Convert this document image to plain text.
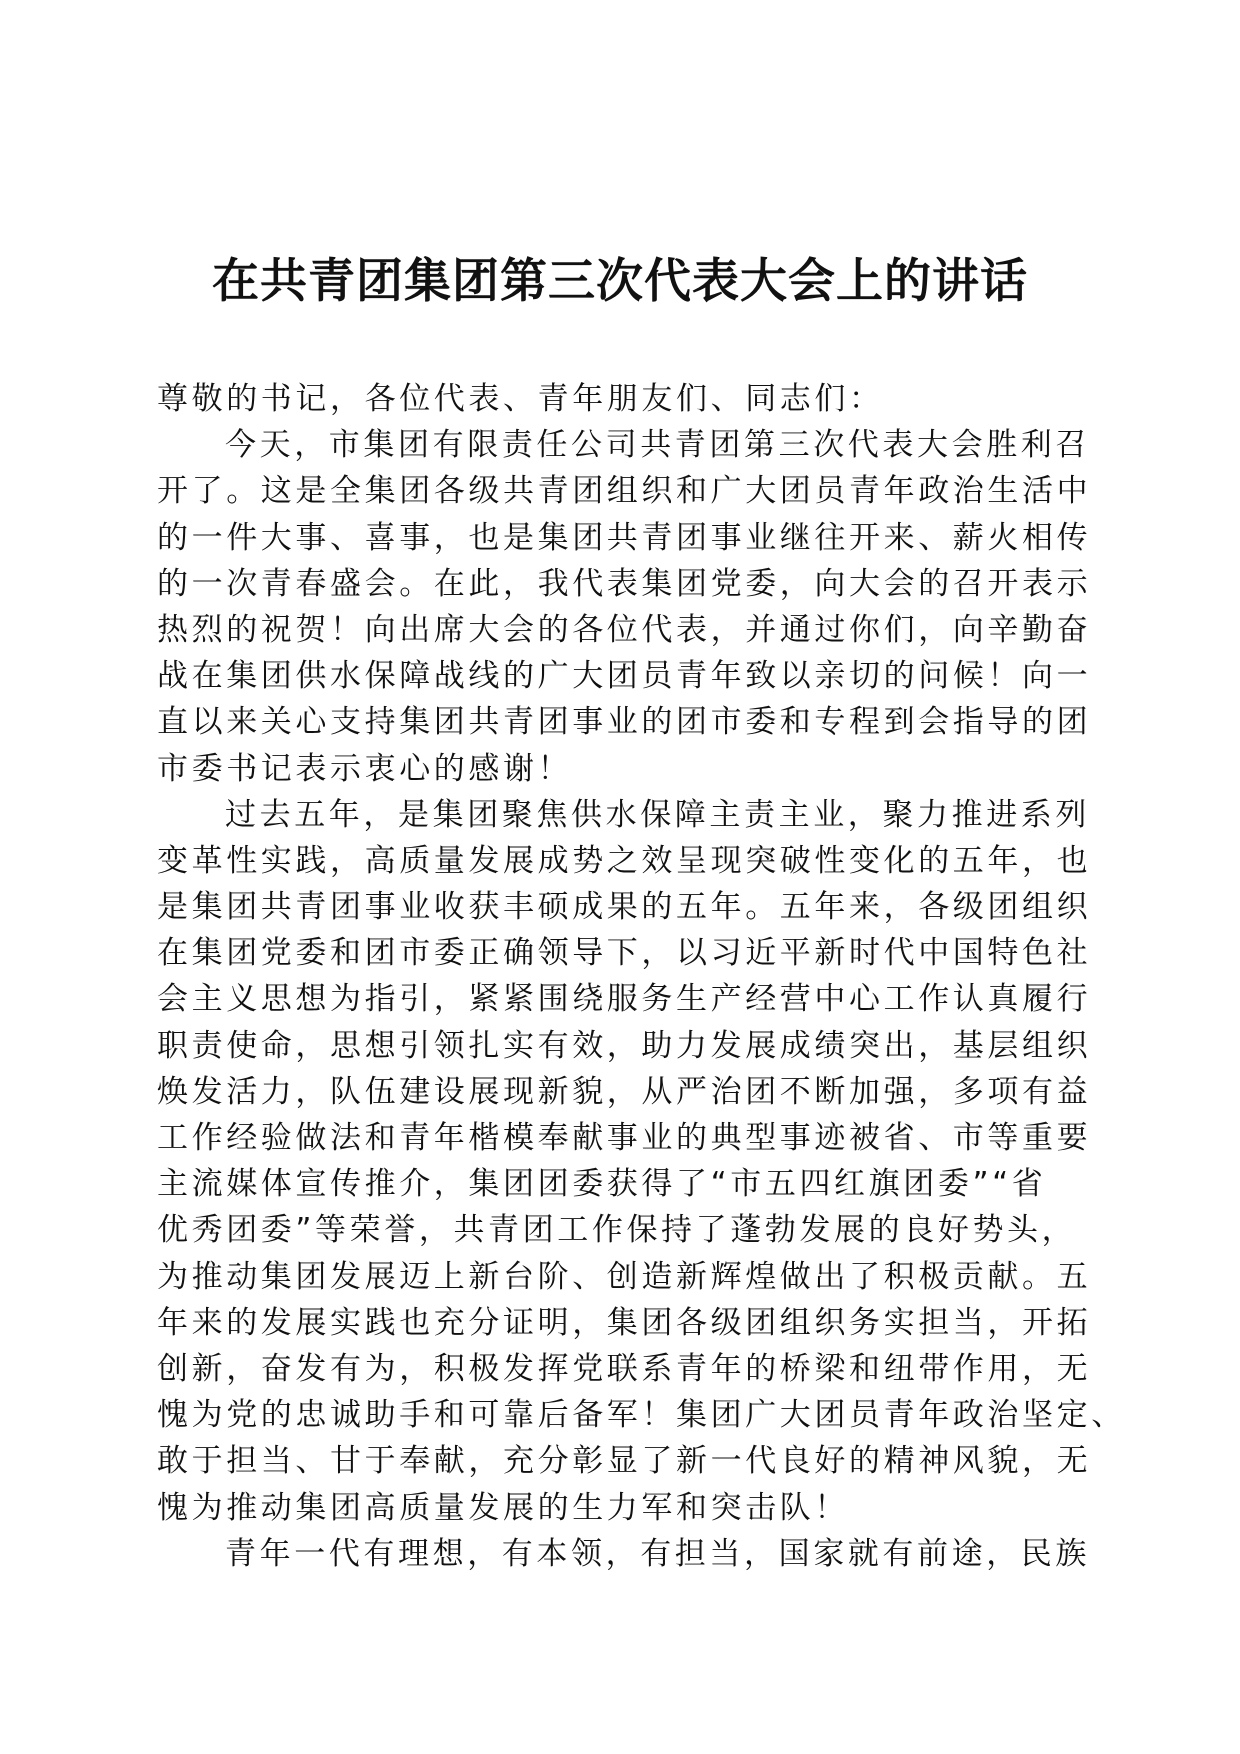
在共青团集团第三次代表大会上的讲话
尊敬的书记，各位代表、青年朋友们、同志们：
今天，市集团有限责任公司共青团第三次代表大会胜利召
开了。这是全集团各级共青团组织和广大团员青年政治生活中
的一件大事、喜事，也是集团共青团事业继往开来、薪火相传
的一次青春盛会。在此，我代表集团党委，向大会的召开表示
热烈的祝贺！向出席大会的各位代表，并通过你们，向辛勤奋
战在集团供水保障战线的广大团员青年致以亲切的问候！向一
直以来关心支持集团共青团事业的团市委和专程到会指导的团
市委书记表示衷心的感谢！
过去五年，是集团聚焦供水保障主责主业，聚力推进系列
变革性实践，高质量发展成势之效呈现突破性变化的五年，也
是集团共青团事业收获丰硕成果的五年。五年来，各级团组织
在集团党委和团市委正确领导下，以习近平新时代中国特色社
会主义思想为指引，紧紧围绕服务生产经营中心工作认真履行
职责使命，思想引领扎实有效，助力发展成绩突出，基层组织
焕发活力，队伍建设展现新貌，从严治团不断加强，多项有益
工作经验做法和青年楷模奉献事业的典型事迹被省、市等重要
主流媒体宣传推介，集团团委获得了“市五四红旗团委”“省
优秀团委”等荣誉，共青团工作保持了蓬勃发展的良好势头，
为推动集团发展迈上新台阶、创造新辉煌做出了积极贡献。五
年来的发展实践也充分证明，集团各级团组织务实担当，开拓
创新，奋发有为，积极发挥党联系青年的桥梁和纽带作用，无
愧为党的忠诚助手和可靠后备军！集团广大团员青年政治坚定、
敢于担当、甘于奉献，充分彰显了新一代良好的精神风貌，无
愧为推动集团高质量发展的生力军和突击队！
青年一代有理想，有本领，有担当，国家就有前途，民族
